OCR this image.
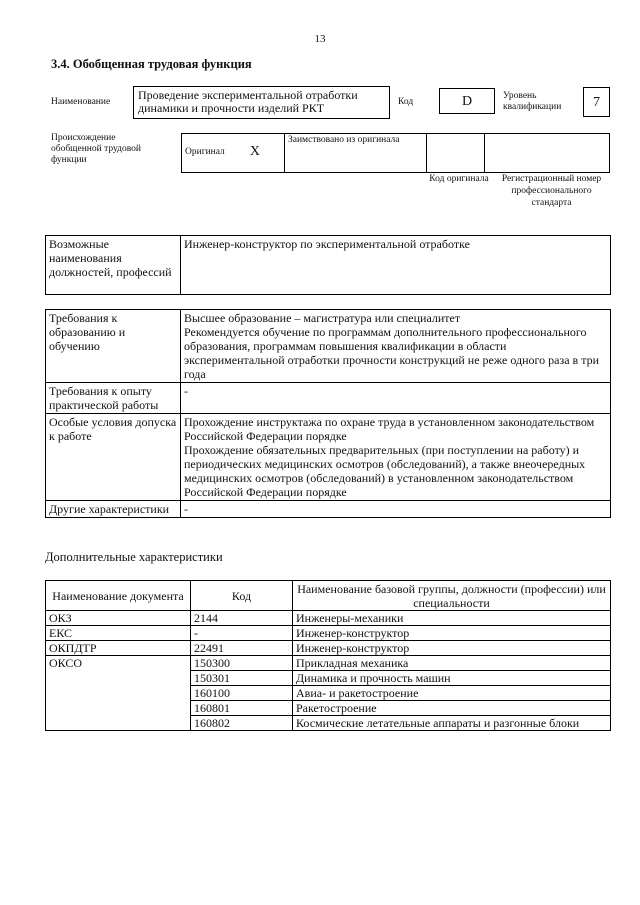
13
3.4. Обобщенная трудовая функция
Наименование	Проведение экспериментальной отработки динамики и прочности изделий РКТ	Код	D	Уровень квалификации	7
Происхождение обобщенной трудовой функции
Оригинал X
	Заимствовано из оригинала		
Код оригинала	Регистрационный номер профессионального стандарта
Возможные наименования должностей, профессий	Инженер-конструктор по экспериментальной отработке
Требования к образованию и обучению	Высшее образование – магистратура или специалитет
Рекомендуется обучение по программам дополнительного профессионального образования, программам повышения квалификации в области экспериментальной отработки прочности конструкций не реже одного раза в три года

Требования к опыту практической работы	-

Особые условия допуска к работе	Прохождение инструктажа по охране труда в установленном законодательством Российской Федерации порядке
Прохождение обязательных предварительных (при поступлении на работу) и периодических медицинских осмотров (обследований), а также внеочередных медицинских осмотров (обследований) в установленном законодательством Российской Федерации порядке

Другие характеристики	-
Дополнительные характеристики
Наименование документа	Код	Наименование базовой группы, должности (профессии) или специальности
ОКЗ	2144	Инженеры-механики
ЕКС	-	Инженер-конструктор
ОКПДТР	22491	Инженер-конструктор
ОКСО	150300	Прикладная механика
	150301	Динамика и прочность машин
	160100	Авиа- и ракетостроение
	160801	Ракетостроение
	160802	Космические летательные аппараты и разгонные блоки
